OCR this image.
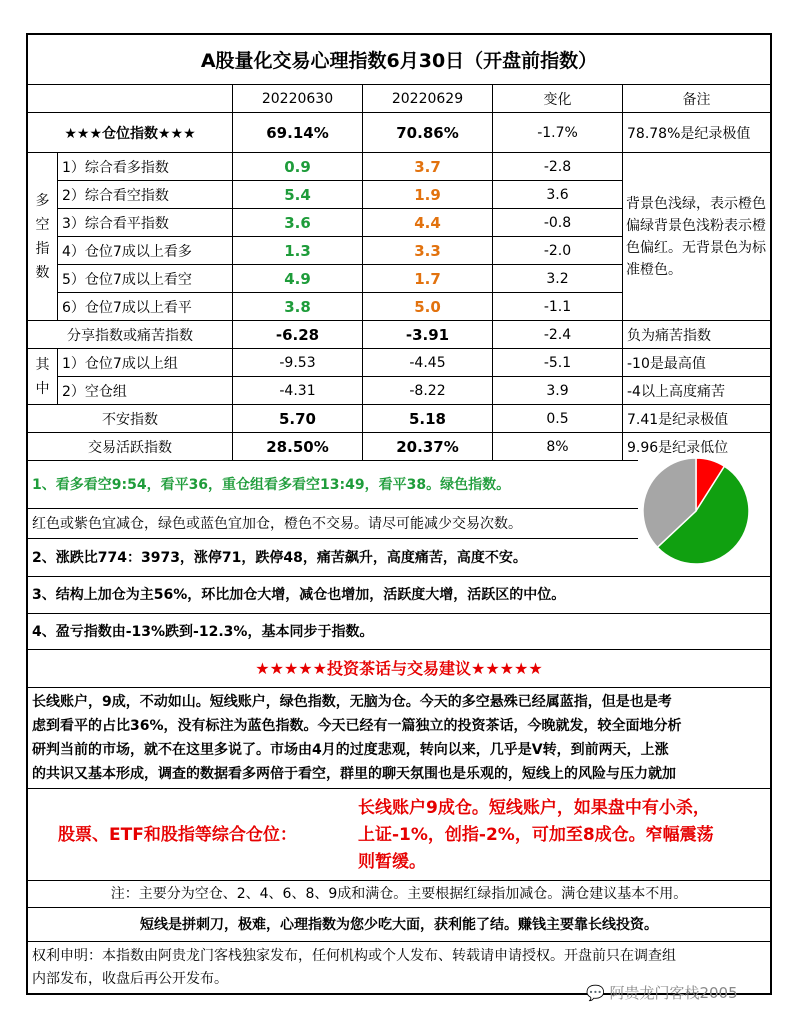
A股量化交易心理指数6月30日（开盘前指数）
20220630	20220629	变化	备注
★★★仓位指数★★★	69.14%	70.86%	-1.7%	78.78%是纪录极值
1）综合看多指数	0.9	3.7	-2.8
2）综合看空指数	5.4	1.9	3.6
3）综合看平指数	3.6	4.4	-0.8
4）仓位7成以上看多	1.3	3.3	-2.0
5）仓位7成以上看空	4.9	1.7	3.2
6）仓位7成以上看平	3.8	5.0	-1.1
多
空
指
数
背景色浅绿，表示橙色偏绿背景色浅粉表示橙色偏红。无背景色为标准橙色。
分享指数或痛苦指数	-6.28	-3.91	-2.4	负为痛苦指数
1）仓位7成以上组	-9.53	-4.45	-5.1	-10是最高值
2）空仓组	-4.31	-8.22	3.9	-4以上高度痛苦
其
中
不安指数	5.70	5.18	0.5	7.41是纪录极值
交易活跃指数	28.50%	20.37%	8%	9.96是纪录低位
1、看多看空9:54，看平36，重仓组看多看空13:49，看平38。绿色指数。
红色或紫色宜减仓，绿色或蓝色宜加仓，橙色不交易。请尽可能减少交易次数。
2、涨跌比774：3973，涨停71，跌停48，痛苦飙升，高度痛苦，高度不安。
3、结构上加仓为主56%，环比加仓大增，减仓也增加，活跃度大增，活跃区的中位。
4、盈亏指数由-13%跌到-12.3%，基本同步于指数。
★★★★★投资茶话与交易建议★★★★★
长线账户，9成，不动如山。短线账户，绿色指数，无脑为仓。今天的多空悬殊已经属蓝指，但是也是考
虑到看平的占比36%，没有标注为蓝色指数。今天已经有一篇独立的投资茶话，今晚就发，较全面地分析
研判当前的市场，就不在这里多说了。市场由4月的过度悲观，转向以来，几乎是V转，到前两天，上涨
的共识又基本形成，调查的数据看多两倍于看空，群里的聊天氛围也是乐观的，短线上的风险与压力就加
股票、ETF和股指等综合仓位：
长线账户9成仓。短线账户，如果盘中有小杀，
上证-1%，创指-2%，可加至8成仓。窄幅震荡
则暂缓。
注：主要分为空仓、2、4、6、8、9成和满仓。主要根据红绿指加减仓。满仓建议基本不用。
短线是拼刺刀，极难，心理指数为您少吃大面，获利能了结。赚钱主要靠长线投资。
权利申明：本指数由阿贵龙门客栈独家发布，任何机构或个人发布、转载请申请授权。开盘前只在调查组
内部发布，收盘后再公开发布。
💬 阿贵龙门客栈2005
